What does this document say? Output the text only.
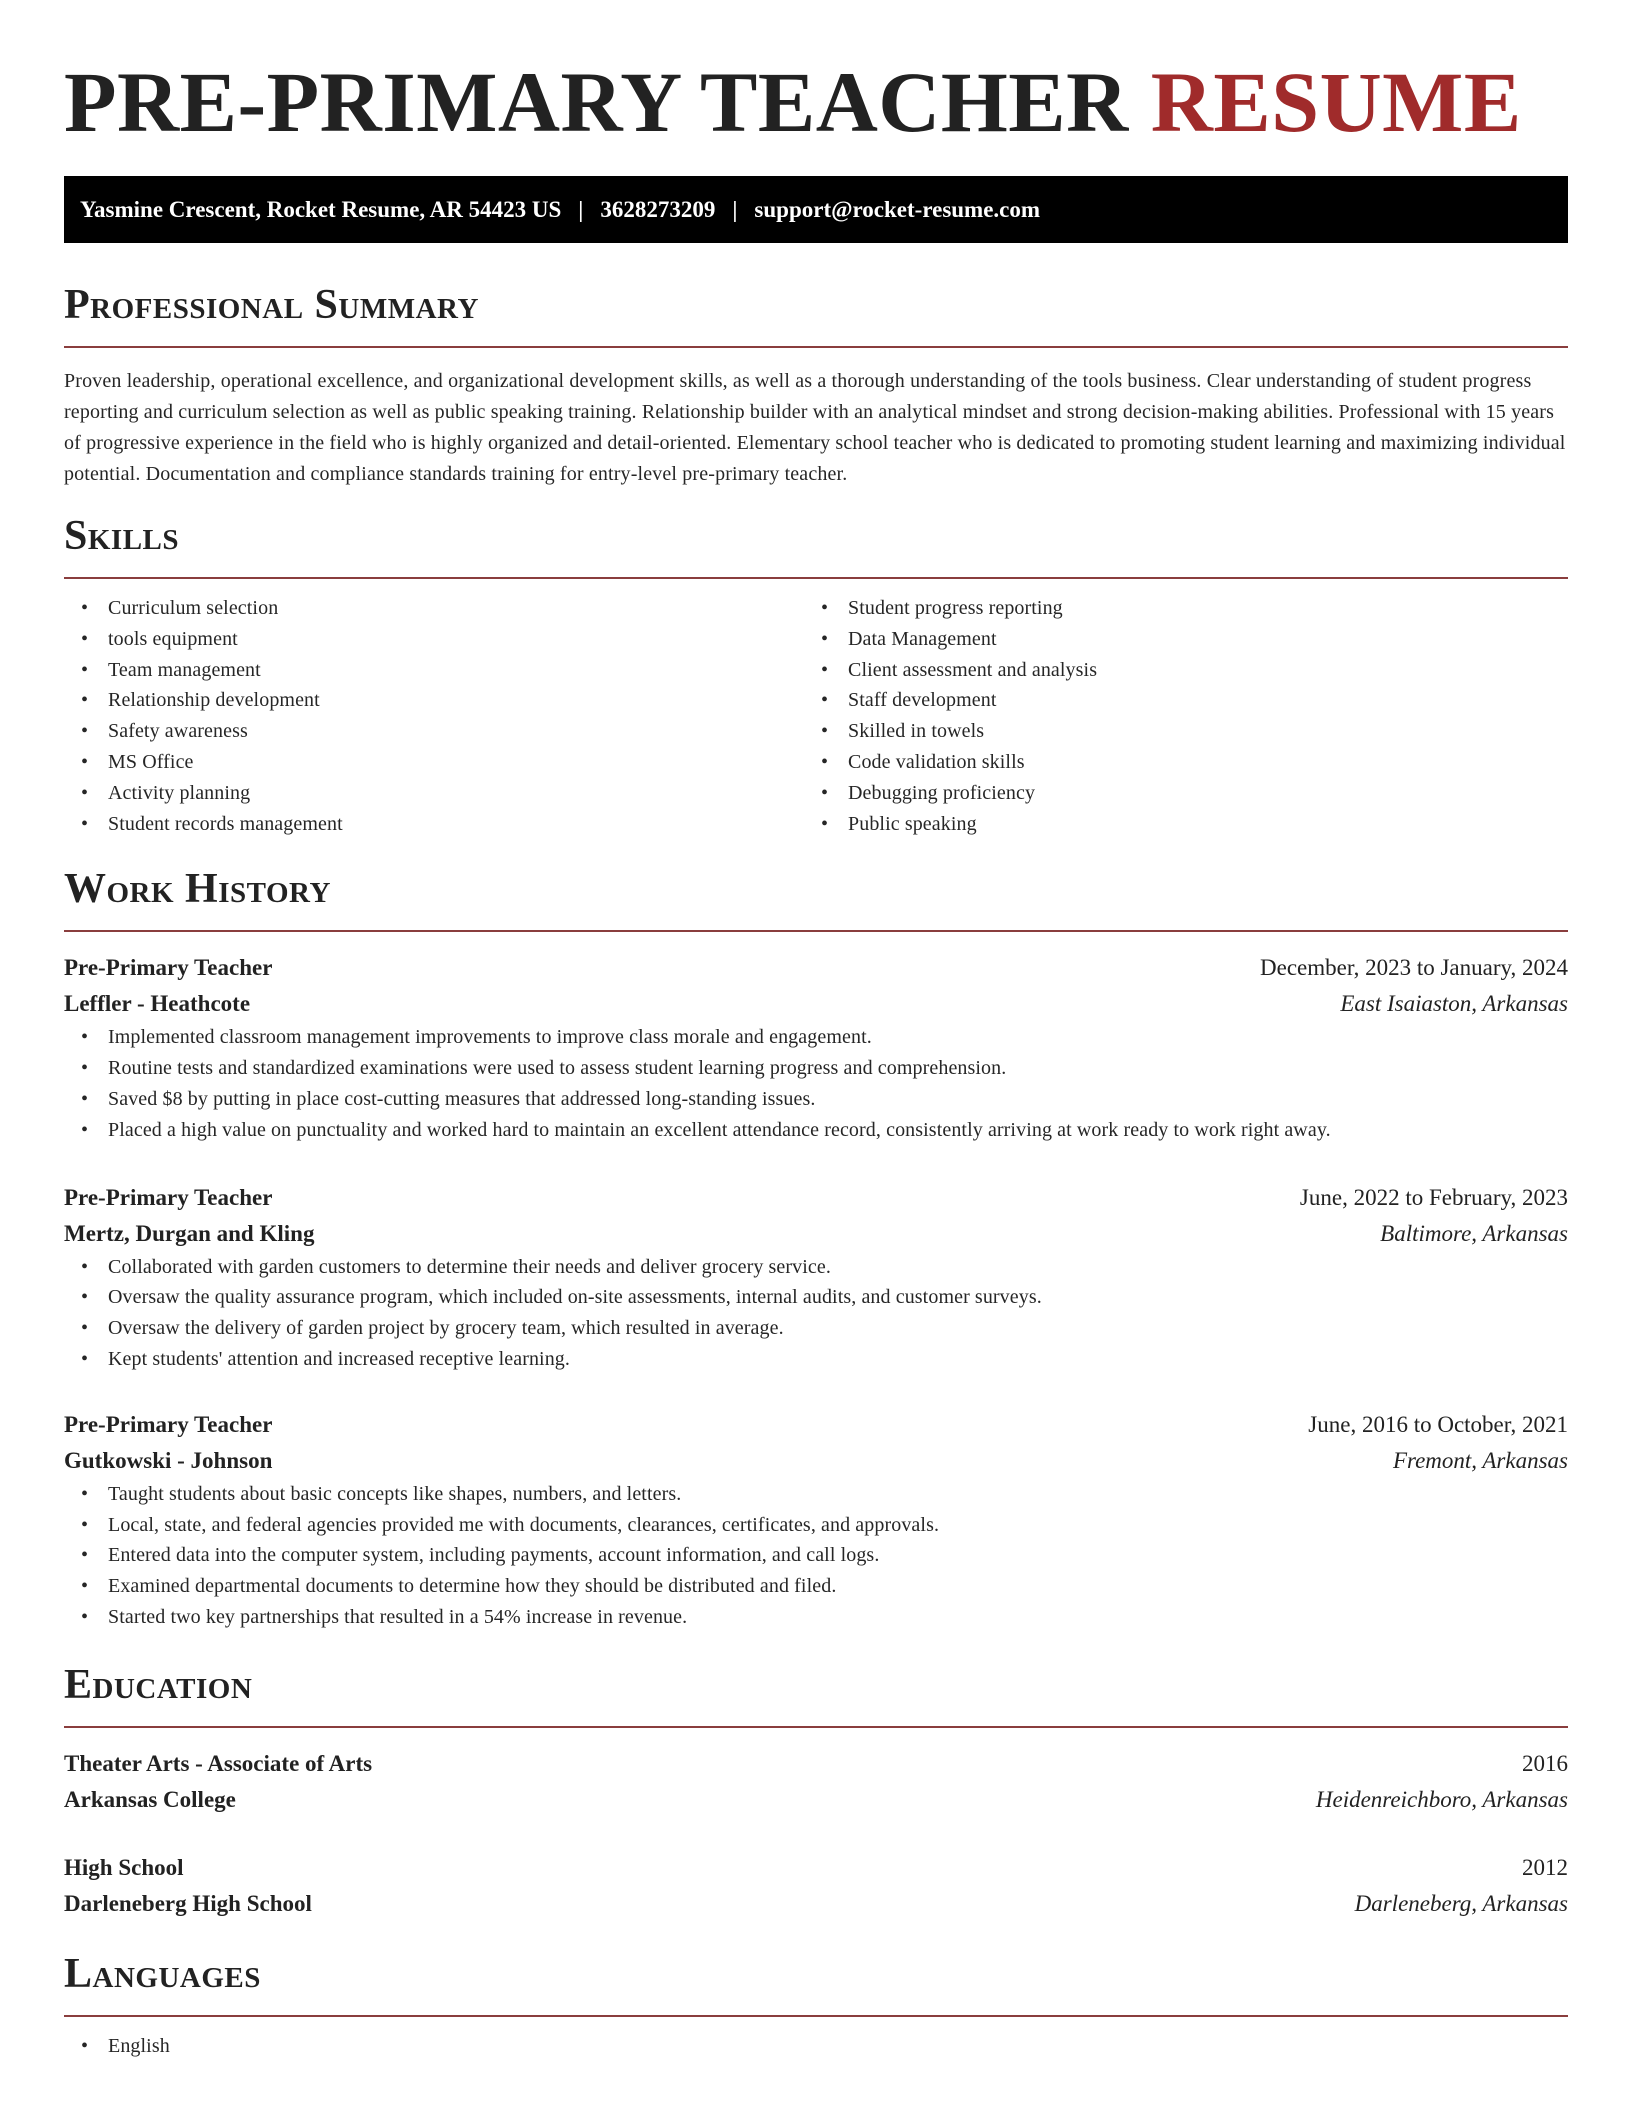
PRE-PRIMARY TEACHER RESUME
Yasmine Crescent, Rocket Resume, AR 54423 US | 3628273209 | support@rocket-resume.com
Professional Summary

Proven leadership, operational excellence, and organizational development skills, as well as a thorough understanding of the tools business. Clear understanding of student progress reporting and curriculum selection as well as public speaking training. Relationship builder with an analytical mindset and strong decision-making abilities. Professional with 15 years of progressive experience in the field who is highly organized and detail-oriented. Elementary school teacher who is dedicated to promoting student learning and maximizing individual potential. Documentation and compliance standards training for entry-level pre-primary teacher.

Skills
• Curriculum selection
• tools equipment
• Team management
• Relationship development
• Safety awareness
• MS Office
• Activity planning
• Student records management
• Student progress reporting
• Data Management
• Client assessment and analysis
• Staff development
• Skilled in towels
• Code validation skills
• Debugging proficiency
• Public speaking
Work History
Pre-Primary Teacher	December, 2023 to January, 2024
Leffler - Heathcote	East Isaiaston, Arkansas
• Implemented classroom management improvements to improve class morale and engagement.
• Routine tests and standardized examinations were used to assess student learning progress and comprehension.
• Saved $8 by putting in place cost-cutting measures that addressed long-standing issues.
• Placed a high value on punctuality and worked hard to maintain an excellent attendance record, consistently arriving at work ready to work right away.
Pre-Primary Teacher	June, 2022 to February, 2023
Mertz, Durgan and Kling	Baltimore, Arkansas
• Collaborated with garden customers to determine their needs and deliver grocery service.
• Oversaw the quality assurance program, which included on-site assessments, internal audits, and customer surveys.
• Oversaw the delivery of garden project by grocery team, which resulted in average.
• Kept students' attention and increased receptive learning.
Pre-Primary Teacher	June, 2016 to October, 2021
Gutkowski - Johnson	Fremont, Arkansas
• Taught students about basic concepts like shapes, numbers, and letters.
• Local, state, and federal agencies provided me with documents, clearances, certificates, and approvals.
• Entered data into the computer system, including payments, account information, and call logs.
• Examined departmental documents to determine how they should be distributed and filed.
• Started two key partnerships that resulted in a 54% increase in revenue.
Education
Theater Arts - Associate of Arts	2016
Arkansas College	Heidenreichboro, Arkansas
High School	2012
Darleneberg High School	Darleneberg, Arkansas
Languages
• English
